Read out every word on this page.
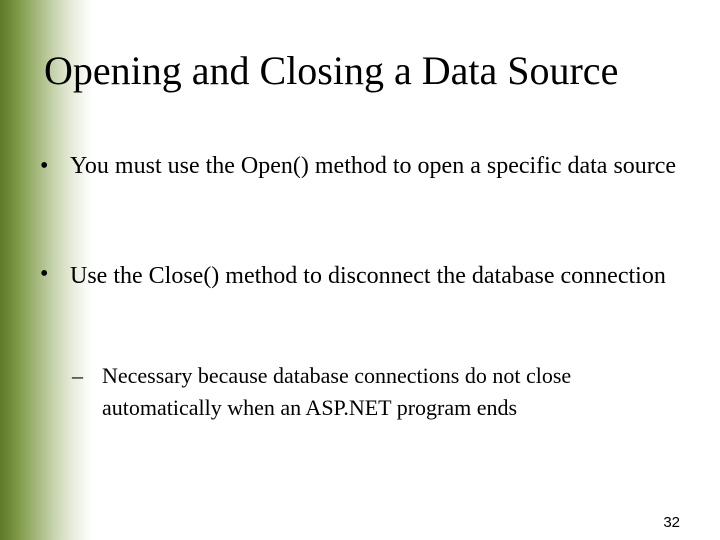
Opening and Closing a Data Source
• You must use the Open() method to open a specific data source
• Use the Close() method to disconnect the database connection
– Necessary because database connections do not close automatically when an ASP.NET program ends
32
